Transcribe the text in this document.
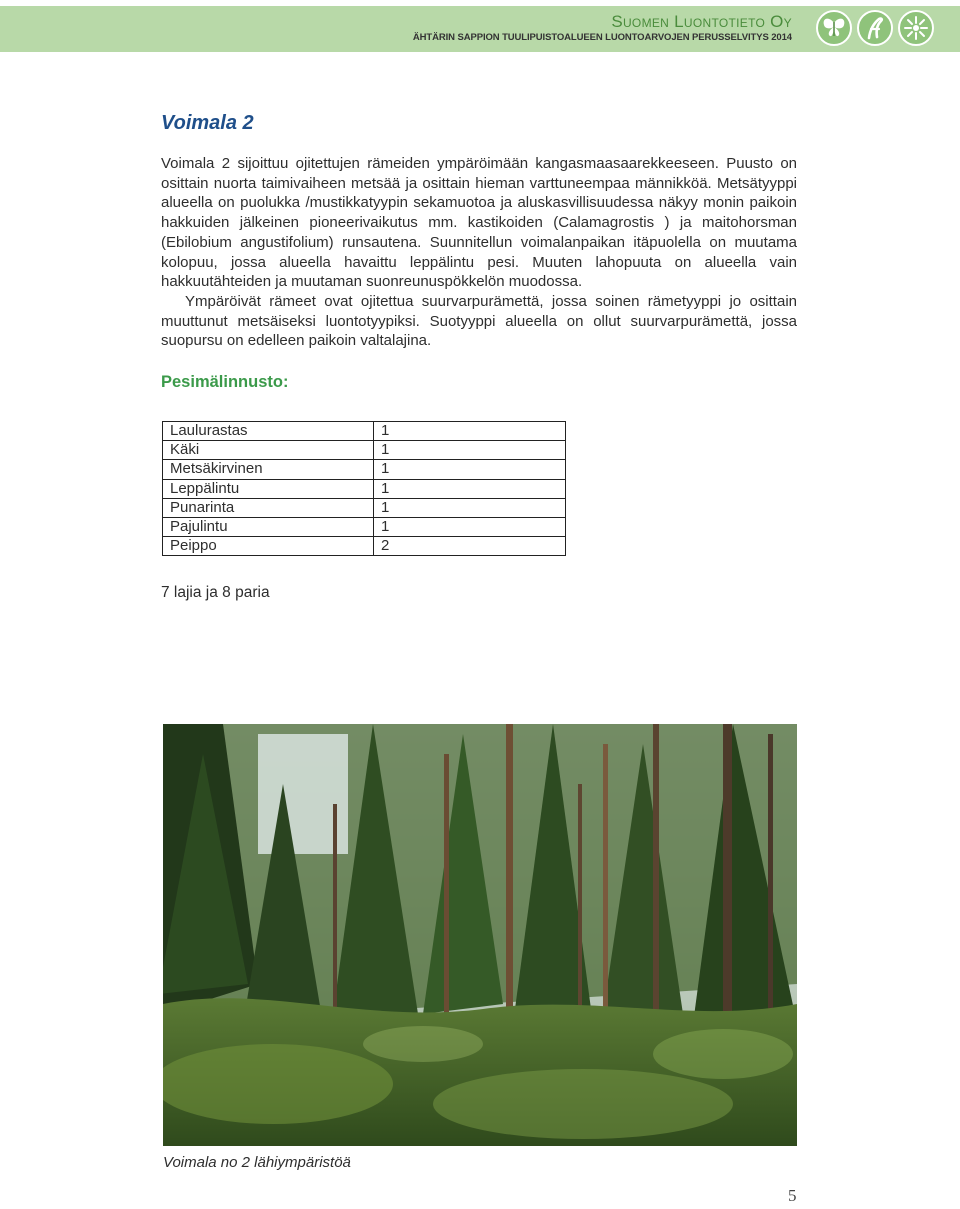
Suomen Luontotieto Oy
ÄHTÄRIN SAPPION TUULIPUISTOALUEEN LUONTOARVOJEN PERUSSELVITYS 2014
Voimala 2

Voimala 2 sijoittuu ojitettujen rämeiden ympäröimään kangasmaasaarekkeeseen. Puusto on osittain nuorta taimivaiheen metsää ja osittain hieman varttuneempaa männikköä. Metsätyyppi alueella on puolukka /mustikkatyypin sekamuotoa ja aluskasvillisuudessa näkyy monin paikoin hakkuiden jälkeinen pioneerivaikutus mm. kastikoiden (Calamagrostis ) ja maitohorsman (Ebilobium angustifolium) runsautena. Suunnitellun voimalanpaikan itäpuolella on muutama kolopuu, jossa alueella havaittu leppälintu pesi. Muuten lahopuuta on alueella vain hakkuutähteiden ja muutaman suonreunuspökkelön muodossa.

Ympäröivät rämeet ovat ojitettua suurvarpurämettä, jossa soinen rämetyyppi jo osittain muuttunut metsäiseksi luontotyypiksi. Suotyyppi alueella on ollut suurvarpurämettä, jossa suopursu on edelleen paikoin valtalajina.

Pesimälinnusto:
Laulurastas	1
Käki	1
Metsäkirvinen	1
Leppälintu	1
Punarinta	1
Pajulintu	1
Peippo	2
7 lajia ja 8 paria
Voimala no 2 lähiympäristöä
5
